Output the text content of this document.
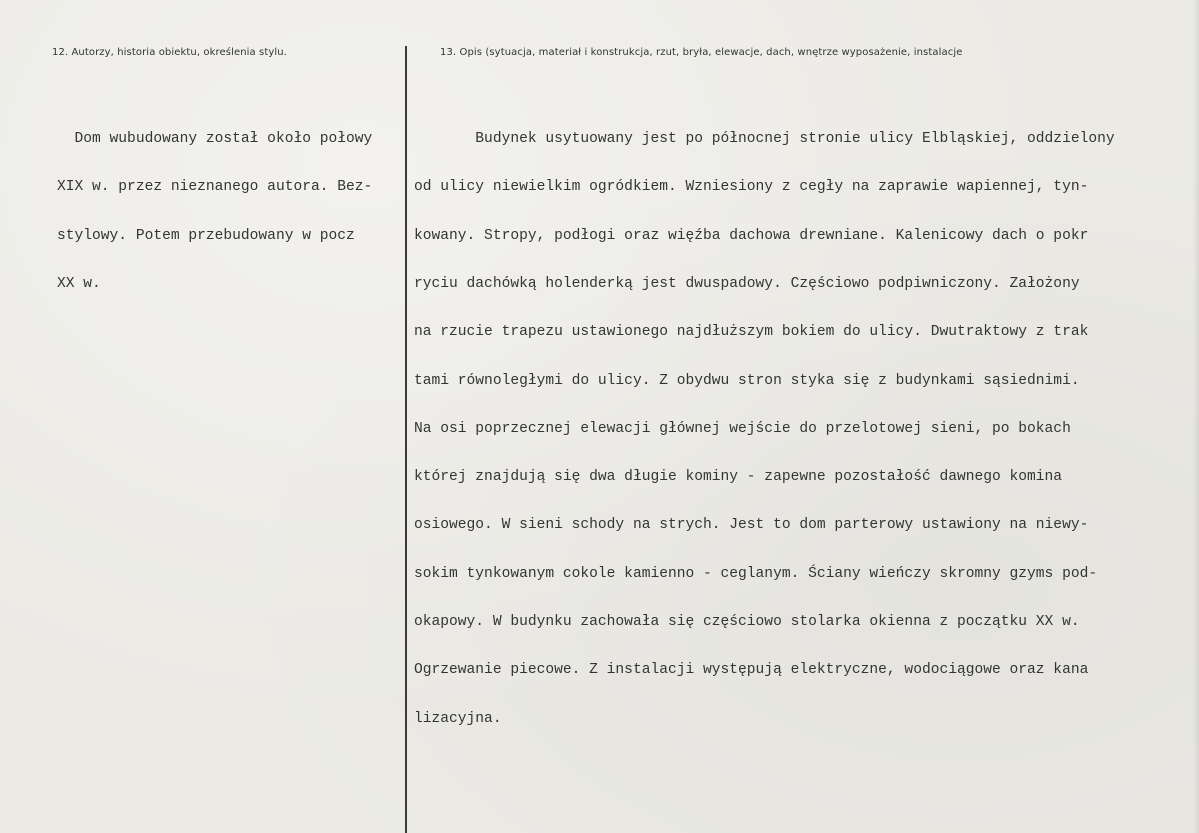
12. Autorzy, historia obiektu, określenia stylu.	13. Opis (sytuacja, materiał i konstrukcja, rzut, bryła, elewacje, dach, wnętrze wyposażenie, instalacje

Dom wubudowany został około połowy

XIX w. przez nieznanego autora. Bez-

stylowy. Potem przebudowany w pocz

XX w.

Budynek usytuowany jest po północnej stronie ulicy Elbląskiej, oddzielony

od ulicy niewielkim ogródkiem. Wzniesiony z cegły na zaprawie wapiennej, tyn-

kowany. Stropy, podłogi oraz więźba dachowa drewniane. Kalenicowy dach o pokr

ryciu dachówką holenderką jest dwuspadowy. Częściowo podpiwniczony. Założony

na rzucie trapezu ustawionego najdłuższym bokiem do ulicy. Dwutraktowy z trak

tami równoległymi do ulicy. Z obydwu stron styka się z budynkami sąsiednimi.

Na osi poprzecznej elewacji głównej wejście do przelotowej sieni, po bokach

której znajdują się dwa długie kominy - zapewne pozostałość dawnego komina

osiowego. W sieni schody na strych. Jest to dom parterowy ustawiony na niewy-

sokim tynkowanym cokole kamienno - ceglanym. Ściany wieńczy skromny gzyms pod-

okapowy. W budynku zachowała się częściowo stolarka okienna z początku XX w.

Ogrzewanie piecowe. Z instalacji występują elektryczne, wodociągowe oraz kana

lizacyjna.
